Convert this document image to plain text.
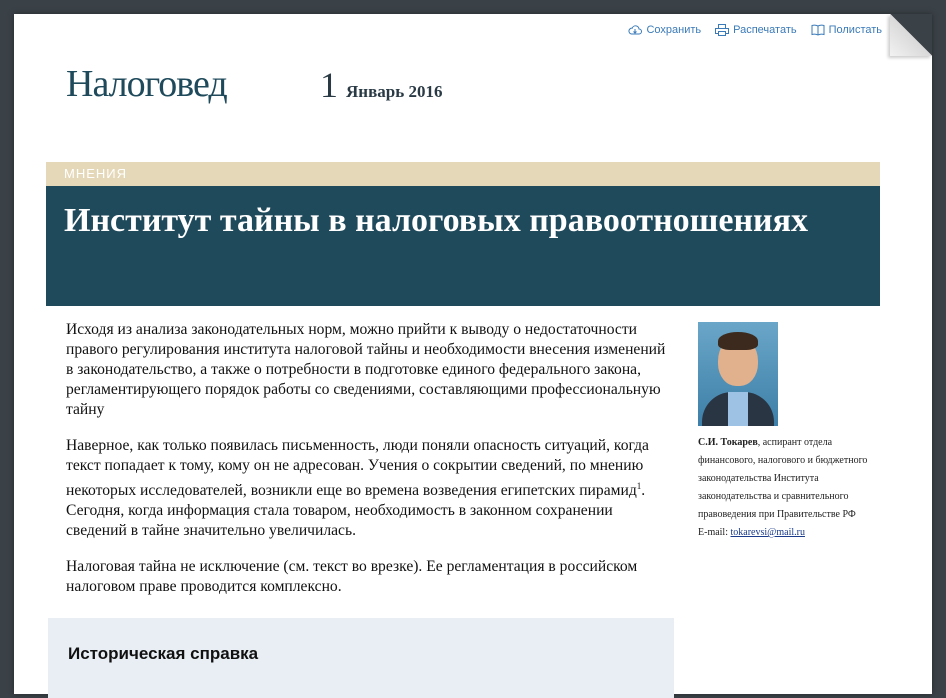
Сохранить	Распечатать	Полистать
Налоговед	1 Январь 2016
МНЕНИЯ
Институт тайны в налоговых правоотношениях

Исходя из анализа законодательных норм, можно прийти к выводу о недостаточности правого регулирования института налоговой тайны и необходимости внесения изменений в законодательство, а также о потребности в подготовке единого федерального закона, регламентирующего порядок работы со сведениями, составляющими профессиональную тайну

Наверное, как только появилась письменность, люди поняли опасность ситуаций, когда текст попадает к тому, кому он не адресован. Учения о сокрытии сведений, по мнению некоторых исследователей, возникли еще во времена возведения египетских пирамид$^1$. Сегодня, когда информация стала товаром, необходимость в законном сохранении сведений в тайне значительно увеличилась.

Налоговая тайна не исключение (см. текст во врезке). Ее регламентация в российском налоговом праве проводится комплексно.

С.И. Токарев, аспирант отдела финансового, налогового и бюджетного законодательства Института законодательства и сравнительного правоведения при Правительстве РФ
E-mail: tokarevsi@mail.ru
Историческая справка
